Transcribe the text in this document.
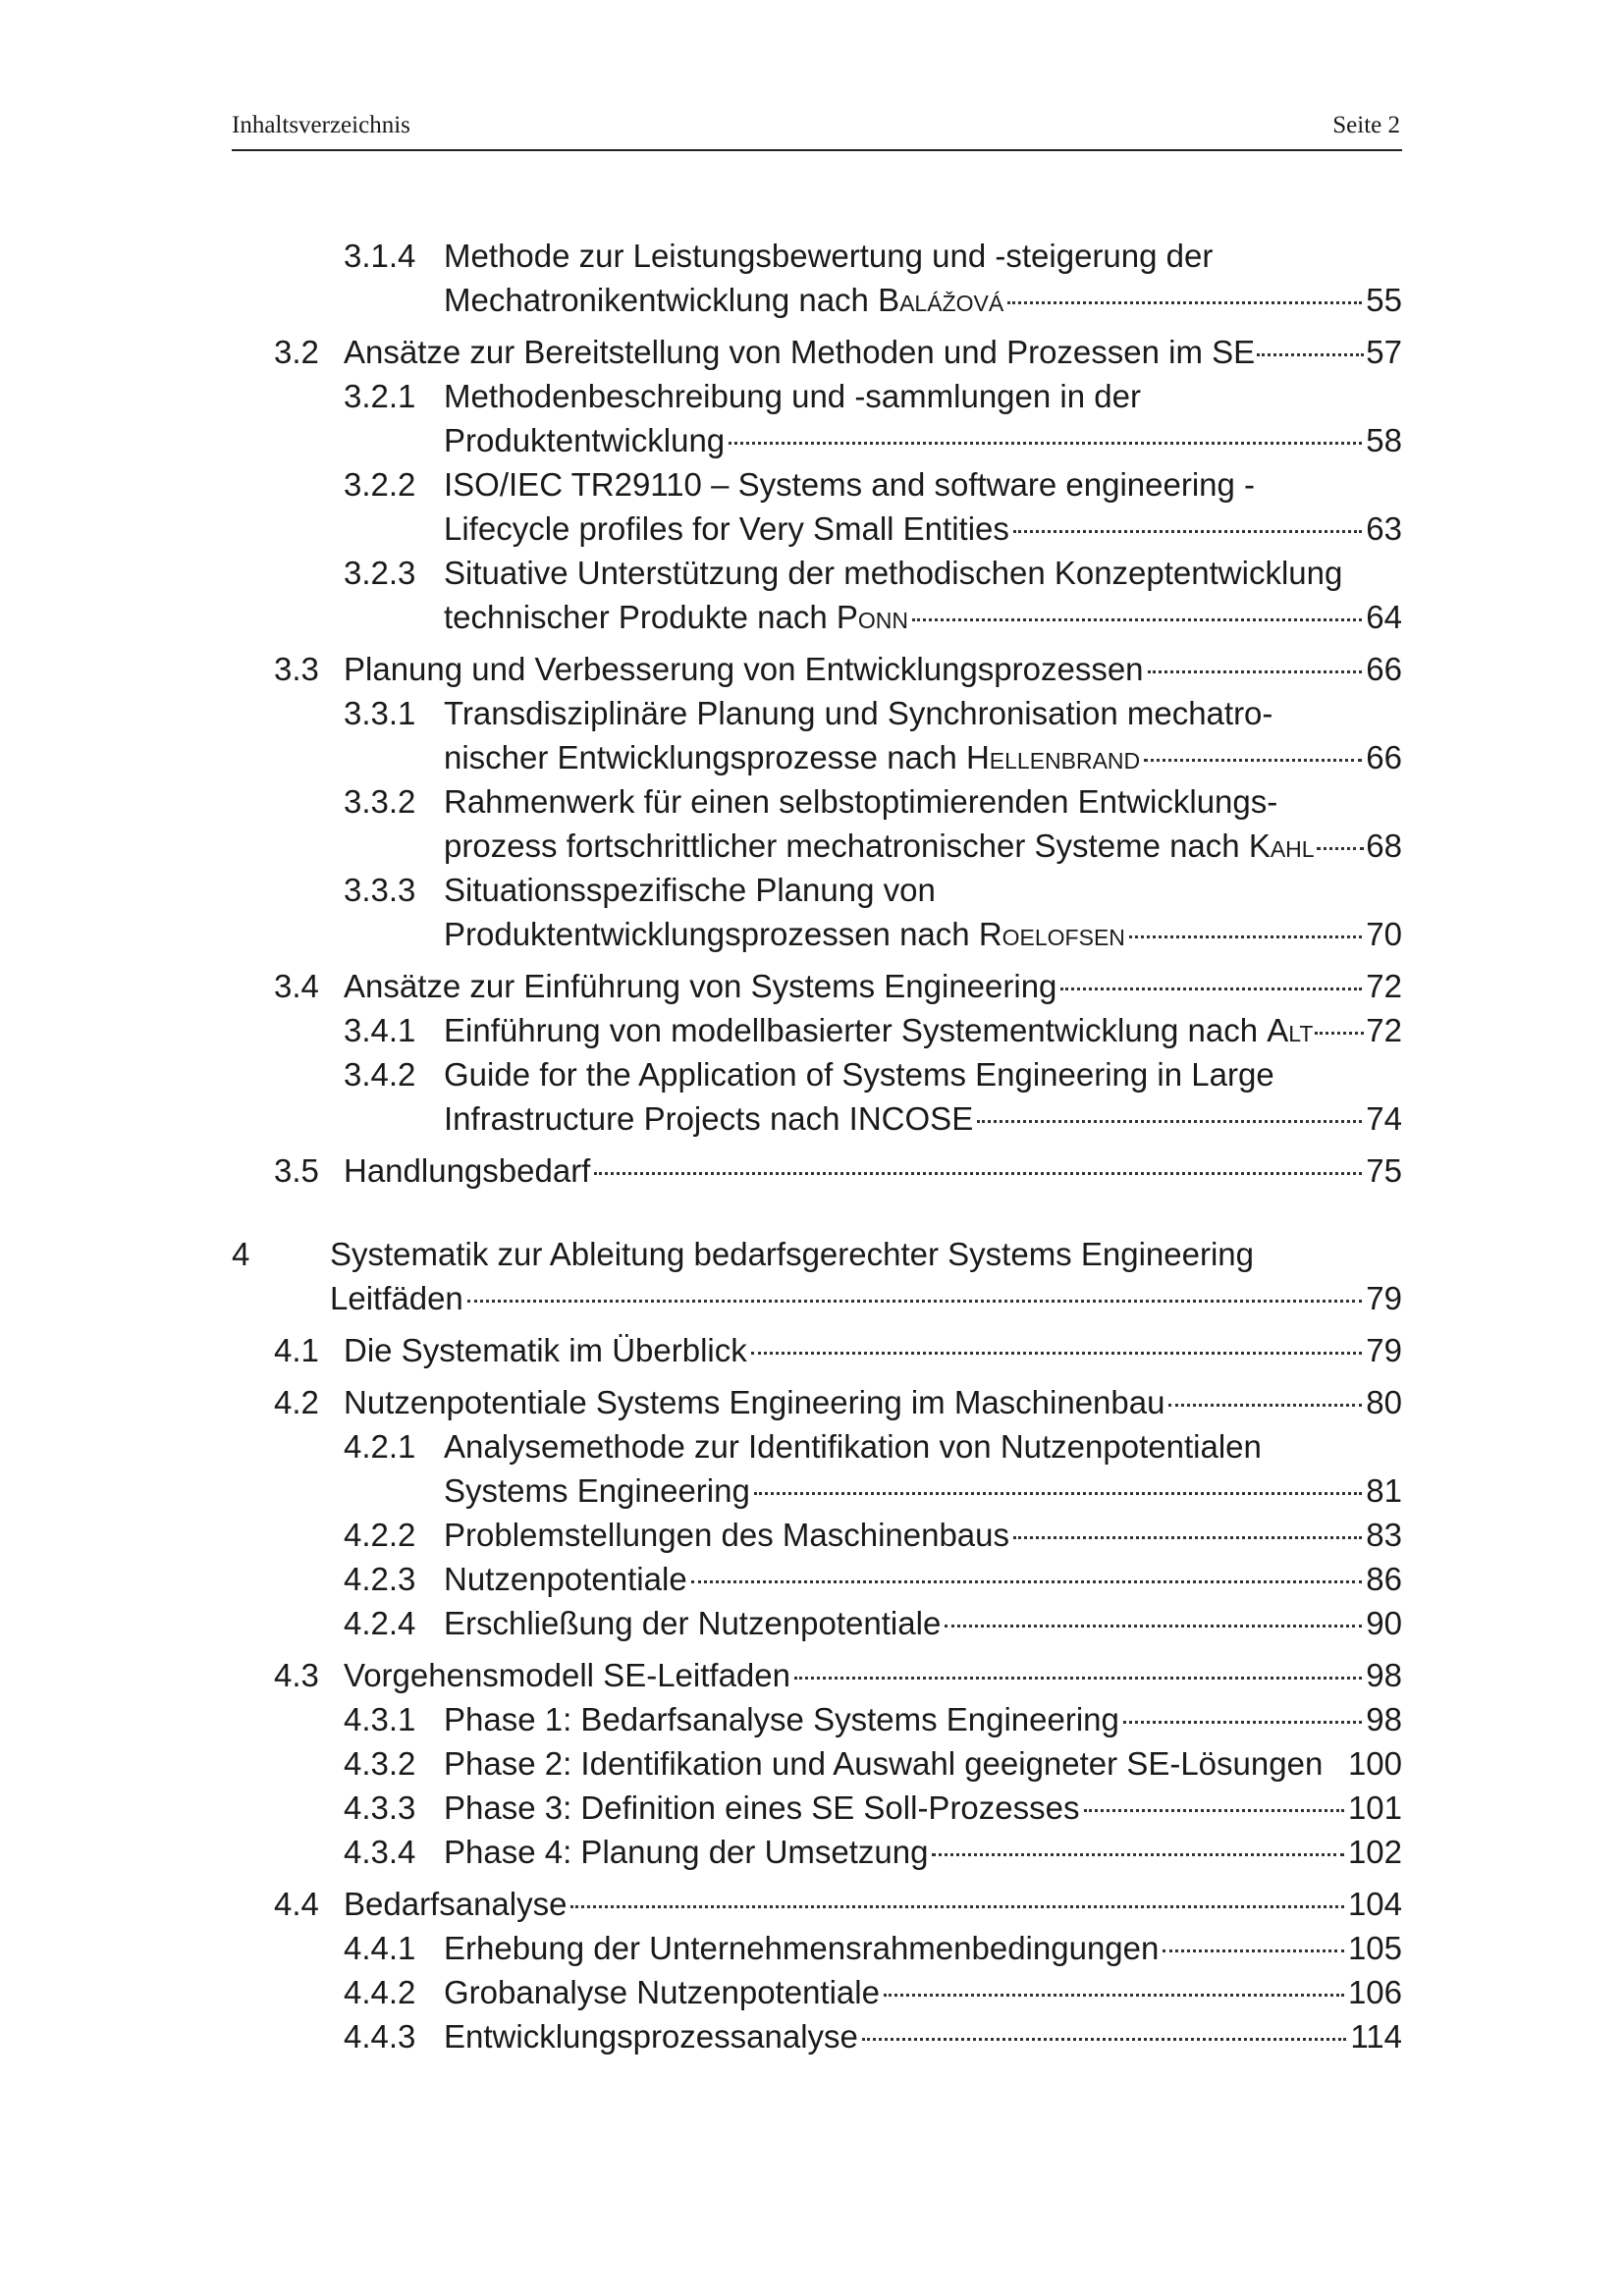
Inhaltsverzeichnis	Seite 2
3.1.4 Methode zur Leistungsbewertung und -steigerung der
Mechatronikentwicklung nach Balážová	55
3.2 Ansätze zur Bereitstellung von Methoden und Prozessen im SE	57
3.2.1 Methodenbeschreibung und -sammlungen in der
Produktentwicklung	58
3.2.2 ISO/IEC TR29110 – Systems and software engineering -
Lifecycle profiles for Very Small Entities	63
3.2.3 Situative Unterstützung der methodischen Konzeptentwicklung
technischer Produkte nach Ponn	64
3.3 Planung und Verbesserung von Entwicklungsprozessen	66
3.3.1 Transdisziplinäre Planung und Synchronisation mechatro-
nischer Entwicklungsprozesse nach Hellenbrand	66
3.3.2 Rahmenwerk für einen selbstoptimierenden Entwicklungs-
prozess fortschrittlicher mechatronischer Systeme nach Kahl 68
3.3.3 Situationsspezifische Planung von
Produktentwicklungsprozessen nach Roelofsen	70
3.4 Ansätze zur Einführung von Systems Engineering	72
3.4.1 Einführung von modellbasierter Systementwicklung nach Alt 72
3.4.2 Guide for the Application of Systems Engineering in Large
Infrastructure Projects nach INCOSE	74
3.5 Handlungsbedarf	75
4 Systematik zur Ableitung bedarfsgerechter Systems Engineering
Leitfäden	79
4.1 Die Systematik im Überblick	79
4.2 Nutzenpotentiale Systems Engineering im Maschinenbau	80
4.2.1 Analysemethode zur Identifikation von Nutzenpotentialen
Systems Engineering	81
4.2.2 Problemstellungen des Maschinenbaus	83
4.2.3 Nutzenpotentiale	86
4.2.4 Erschließung der Nutzenpotentiale	90
4.3 Vorgehensmodell SE-Leitfaden	98
4.3.1 Phase 1: Bedarfsanalyse Systems Engineering	98
4.3.2 Phase 2: Identifikation und Auswahl geeigneter SE-Lösungen 100
4.3.3 Phase 3: Definition eines SE Soll-Prozesses	101
4.3.4 Phase 4: Planung der Umsetzung	102
4.4 Bedarfsanalyse	104
4.4.1 Erhebung der Unternehmensrahmenbedingungen	105
4.4.2 Grobanalyse Nutzenpotentiale	106
4.4.3 Entwicklungsprozessanalyse	114
